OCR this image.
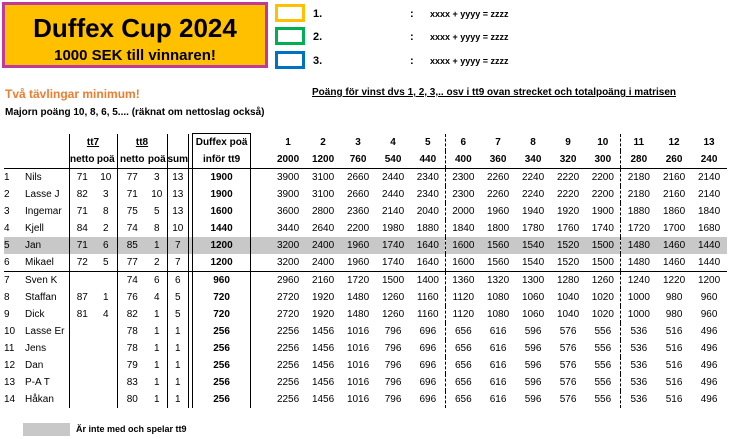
Duffex Cup 2024
1000 SEK till vinnaren!
1.	: xxxx + yyyy = zzzz
2.	: xxxx + yyyy = zzzz
3.	: xxxx + yyyy = zzzz
Två tävlingar minimum!
Majorn poäng 10, 8, 6, 5.... (räknat om nettoslag också)
Poäng för vinst dvs 1, 2, 3,.. osv i tt9 ovan strecket och totalpoäng i matrisen
		tt7		tt8				Duffex poä		1	2	3	4	5	6	7	8	9	10	11	12	13
		netto	poä	netto	poä	sum		inför tt9		2000	1200	760	540	440	400	360	340	320	300	280	260	240
1	Nils	71	10	77	3	13		1900		3900	3100	2660	2440	2340	2300	2260	2240	2220	2200	2180	2160	2140
2	Lasse J	82	3	71	10	13		1900		3900	3100	2660	2440	2340	2300	2260	2240	2220	2200	2180	2160	2140
3	Ingemar	71	8	75	5	13		1600		3600	2800	2360	2140	2040	2000	1960	1940	1920	1900	1880	1860	1840
4	Kjell	84	2	74	8	10		1440		3440	2640	2200	1980	1880	1840	1800	1780	1760	1740	1720	1700	1680
5	Jan	71	6	85	1	7		1200		3200	2400	1960	1740	1640	1600	1560	1540	1520	1500	1480	1460	1440
6	Mikael	72	5	77	2	7		1200		3200	2400	1960	1740	1640	1600	1560	1540	1520	1500	1480	1460	1440
7	Sven K			74	6	6		960		2960	2160	1720	1500	1400	1360	1320	1300	1280	1260	1240	1220	1200
8	Staffan	87	1	76	4	5		720		2720	1920	1480	1260	1160	1120	1080	1060	1040	1020	1000	980	960
9	Dick	81	4	82	1	5		720		2720	1920	1480	1260	1160	1120	1080	1060	1040	1020	1000	980	960
10	Lasse Er			78	1	1		256		2256	1456	1016	796	696	656	616	596	576	556	536	516	496
11	Jens			78	1	1		256		2256	1456	1016	796	696	656	616	596	576	556	536	516	496
12	Dan			79	1	1		256		2256	1456	1016	796	696	656	616	596	576	556	536	516	496
13	P-A T			83	1	1		256		2256	1456	1016	796	696	656	616	596	576	556	536	516	496
14	Håkan			80	1	1		256		2256	1456	1016	796	696	656	616	596	576	556	536	516	496
Är inte med och spelar tt9
